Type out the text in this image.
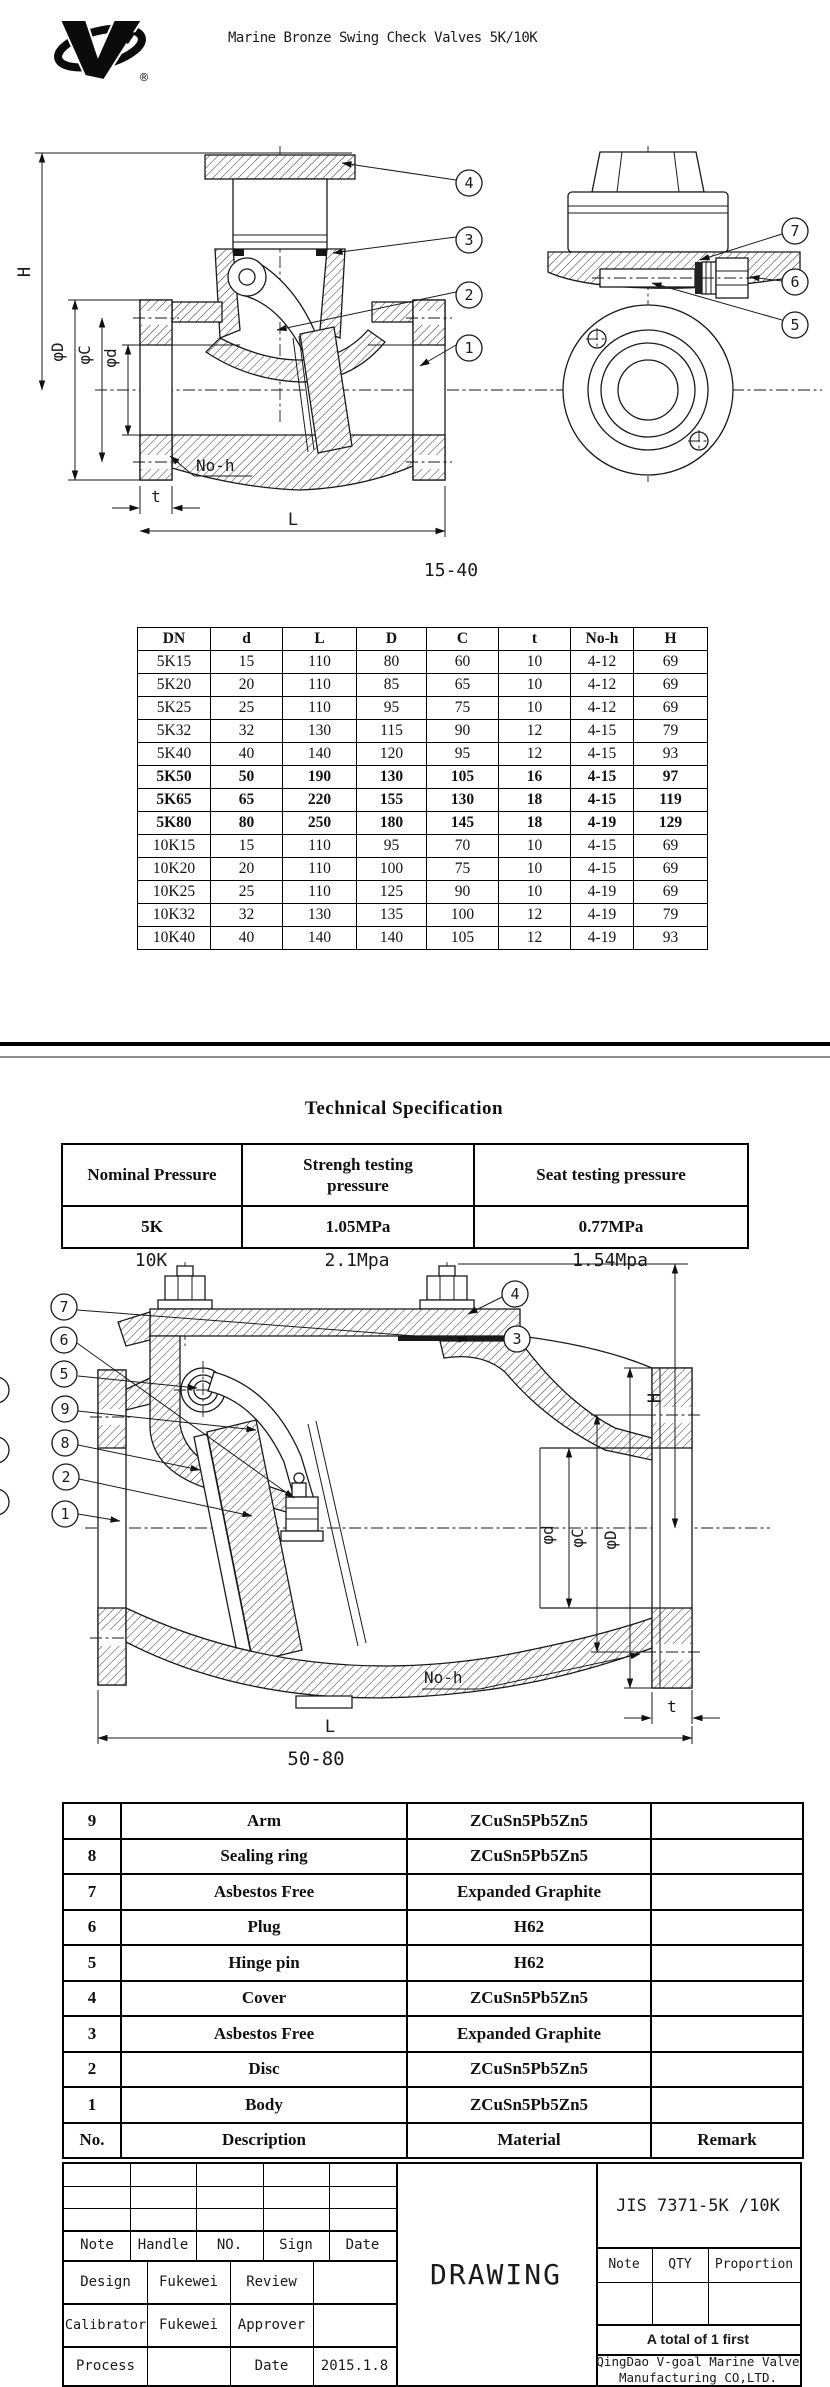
®
Marine Bronze Swing Check Valves 5K/10K
H
φD φC φd
No-h
t
L
4
3
2
1
7
6
5
15-40
DN	d	L	D	C	t	No-h	H
5K15	15	110	80	60	10	4-12	69
5K20	20	110	85	65	10	4-12	69
5K25	25	110	95	75	10	4-12	69
5K32	32	130	115	90	12	4-15	79
5K40	40	140	120	95	12	4-15	93
5K50	50	190	130	105	16	4-15	97
5K65	65	220	155	130	18	4-15	119
5K80	80	250	180	145	18	4-19	129
10K15	15	110	95	70	10	4-15	69
10K20	20	110	100	75	10	4-15	69
10K25	25	110	125	90	10	4-19	69
10K32	32	130	135	100	12	4-19	79
10K40	40	140	140	105	12	4-19	93
Technical Specification
Nominal Pressure	Strengh testing pressure	Seat testing pressure
5K	1.05MPa	0.77MPa
10K	2.1Mpa	1.54Mpa
H
φD
φC
φd
No-h
t
L
7
6
5
9
8
2
1
4
3
50-80
9	Arm	ZCuSn5Pb5Zn5	
8	Sealing ring	ZCuSn5Pb5Zn5	
7	Asbestos Free	Expanded Graphite	
6	Plug	H62	
5	Hinge pin	H62	
4	Cover	ZCuSn5Pb5Zn5	
3	Asbestos Free	Expanded Graphite	
2	Disc	ZCuSn5Pb5Zn5	
1	Body	ZCuSn5Pb5Zn5	
No.	Description	Material	Remark
Note	Handle	NO.	Sign	Date
Design	Fukewei	Review
Calibrator Fukewei	Approver
Process	Date	2015.1.8
DRAWING
JIS 7371-5K /10K
Note	QTY	Proportion
A total of 1 first
QingDao V-goal Marine Valve
Manufacturing CO,LTD.
